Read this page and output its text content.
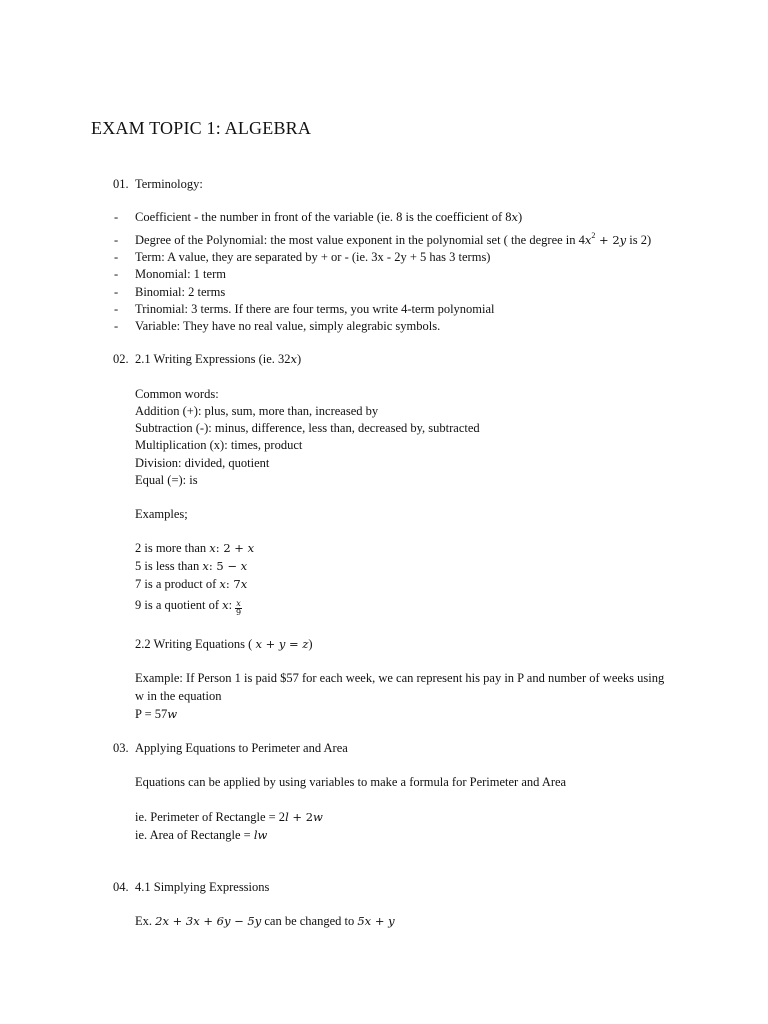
EXAM TOPIC 1: ALGEBRA
01. Terminology:
- Coefficient - the number in front of the variable (ie. 8 is the coefficient of 8x)
- Degree of the Polynomial: the most value exponent in the polynomial set ( the degree in $4x^2 + 2y$ is 2)
- Term: A value, they are separated by + or - (ie. 3x - 2y + 5 has 3 terms)
- Monomial: 1 term
- Binomial: 2 terms
- Trinomial: 3 terms. If there are four terms, you write 4-term polynomial
- Variable: They have no real value, simply alegrabic symbols.
02. 2.1 Writing Expressions (ie. 32x)
Common words:
Addition (+): plus, sum, more than, increased by
Subtraction (-): minus, difference, less than, decreased by, subtracted
Multiplication (x): times, product
Division: divided, quotient
Equal (=): is
Examples;
2 is more than x: 2 + x
5 is less than x: 5 − x
7 is a product of x: 7x
9 is a quotient of x: $\frac{x}{9}$
2.2 Writing Equations ( x + y = z)
Example: If Person 1 is paid $57 for each week, we can represent his pay in P and number of weeks using
w in the equation
P = 57w
03. Applying Equations to Perimeter and Area
Equations can be applied by using variables to make a formula for Perimeter and Area
ie. Perimeter of Rectangle = 2l + 2w
ie. Area of Rectangle = lw
04. 4.1 Simplying Expressions
Ex. 2x + 3x + 6y − 5y can be changed to 5x + y
